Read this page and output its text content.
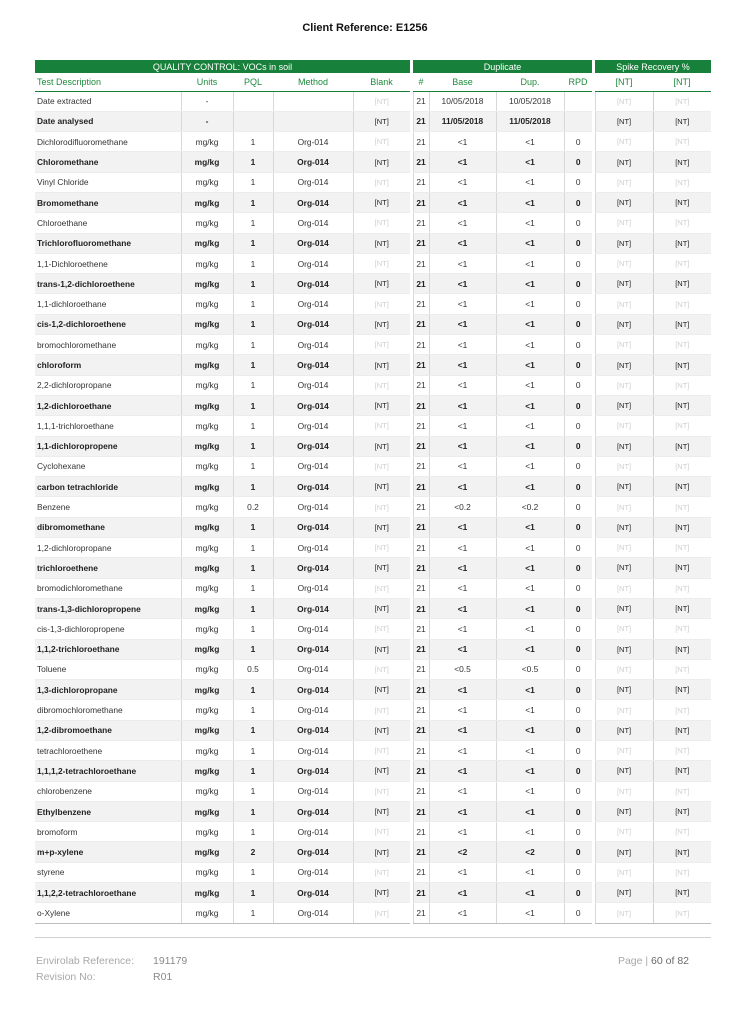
Client Reference: E1256
QUALITY CONTROL: VOCs in soil						Duplicate					Spike Recovery %	
Test Description	Units	PQL	Method	Blank		#	Base	Dup.	RPD		[NT]	[NT]
Date extracted	-			[NT]		21	10/05/2018	10/05/2018			[NT]	[NT]
Date analysed	-			[NT]		21	11/05/2018	11/05/2018			[NT]	[NT]
Dichlorodifluoromethane	mg/kg	1	Org-014	[NT]		21	<1	<1	0		[NT]	[NT]
Chloromethane	mg/kg	1	Org-014	[NT]		21	<1	<1	0		[NT]	[NT]
Vinyl Chloride	mg/kg	1	Org-014	[NT]		21	<1	<1	0		[NT]	[NT]
Bromomethane	mg/kg	1	Org-014	[NT]		21	<1	<1	0		[NT]	[NT]
Chloroethane	mg/kg	1	Org-014	[NT]		21	<1	<1	0		[NT]	[NT]
Trichlorofluoromethane	mg/kg	1	Org-014	[NT]		21	<1	<1	0		[NT]	[NT]
1,1-Dichloroethene	mg/kg	1	Org-014	[NT]		21	<1	<1	0		[NT]	[NT]
trans-1,2-dichloroethene	mg/kg	1	Org-014	[NT]		21	<1	<1	0		[NT]	[NT]
1,1-dichloroethane	mg/kg	1	Org-014	[NT]		21	<1	<1	0		[NT]	[NT]
cis-1,2-dichloroethene	mg/kg	1	Org-014	[NT]		21	<1	<1	0		[NT]	[NT]
bromochloromethane	mg/kg	1	Org-014	[NT]		21	<1	<1	0		[NT]	[NT]
chloroform	mg/kg	1	Org-014	[NT]		21	<1	<1	0		[NT]	[NT]
2,2-dichloropropane	mg/kg	1	Org-014	[NT]		21	<1	<1	0		[NT]	[NT]
1,2-dichloroethane	mg/kg	1	Org-014	[NT]		21	<1	<1	0		[NT]	[NT]
1,1,1-trichloroethane	mg/kg	1	Org-014	[NT]		21	<1	<1	0		[NT]	[NT]
1,1-dichloropropene	mg/kg	1	Org-014	[NT]		21	<1	<1	0		[NT]	[NT]
Cyclohexane	mg/kg	1	Org-014	[NT]		21	<1	<1	0		[NT]	[NT]
carbon tetrachloride	mg/kg	1	Org-014	[NT]		21	<1	<1	0		[NT]	[NT]
Benzene	mg/kg	0.2	Org-014	[NT]		21	<0.2	<0.2	0		[NT]	[NT]
dibromomethane	mg/kg	1	Org-014	[NT]		21	<1	<1	0		[NT]	[NT]
1,2-dichloropropane	mg/kg	1	Org-014	[NT]		21	<1	<1	0		[NT]	[NT]
trichloroethene	mg/kg	1	Org-014	[NT]		21	<1	<1	0		[NT]	[NT]
bromodichloromethane	mg/kg	1	Org-014	[NT]		21	<1	<1	0		[NT]	[NT]
trans-1,3-dichloropropene	mg/kg	1	Org-014	[NT]		21	<1	<1	0		[NT]	[NT]
cis-1,3-dichloropropene	mg/kg	1	Org-014	[NT]		21	<1	<1	0		[NT]	[NT]
1,1,2-trichloroethane	mg/kg	1	Org-014	[NT]		21	<1	<1	0		[NT]	[NT]
Toluene	mg/kg	0.5	Org-014	[NT]		21	<0.5	<0.5	0		[NT]	[NT]
1,3-dichloropropane	mg/kg	1	Org-014	[NT]		21	<1	<1	0		[NT]	[NT]
dibromochloromethane	mg/kg	1	Org-014	[NT]		21	<1	<1	0		[NT]	[NT]
1,2-dibromoethane	mg/kg	1	Org-014	[NT]		21	<1	<1	0		[NT]	[NT]
tetrachloroethene	mg/kg	1	Org-014	[NT]		21	<1	<1	0		[NT]	[NT]
1,1,1,2-tetrachloroethane	mg/kg	1	Org-014	[NT]		21	<1	<1	0		[NT]	[NT]
chlorobenzene	mg/kg	1	Org-014	[NT]		21	<1	<1	0		[NT]	[NT]
Ethylbenzene	mg/kg	1	Org-014	[NT]		21	<1	<1	0		[NT]	[NT]
bromoform	mg/kg	1	Org-014	[NT]		21	<1	<1	0		[NT]	[NT]
m+p-xylene	mg/kg	2	Org-014	[NT]		21	<2	<2	0		[NT]	[NT]
styrene	mg/kg	1	Org-014	[NT]		21	<1	<1	0		[NT]	[NT]
1,1,2,2-tetrachloroethane	mg/kg	1	Org-014	[NT]		21	<1	<1	0		[NT]	[NT]
o-Xylene	mg/kg	1	Org-014	[NT]		21	<1	<1	0		[NT]	[NT]
Envirolab Reference:	191179
Revision No:	R01
Page | 60 of 82
